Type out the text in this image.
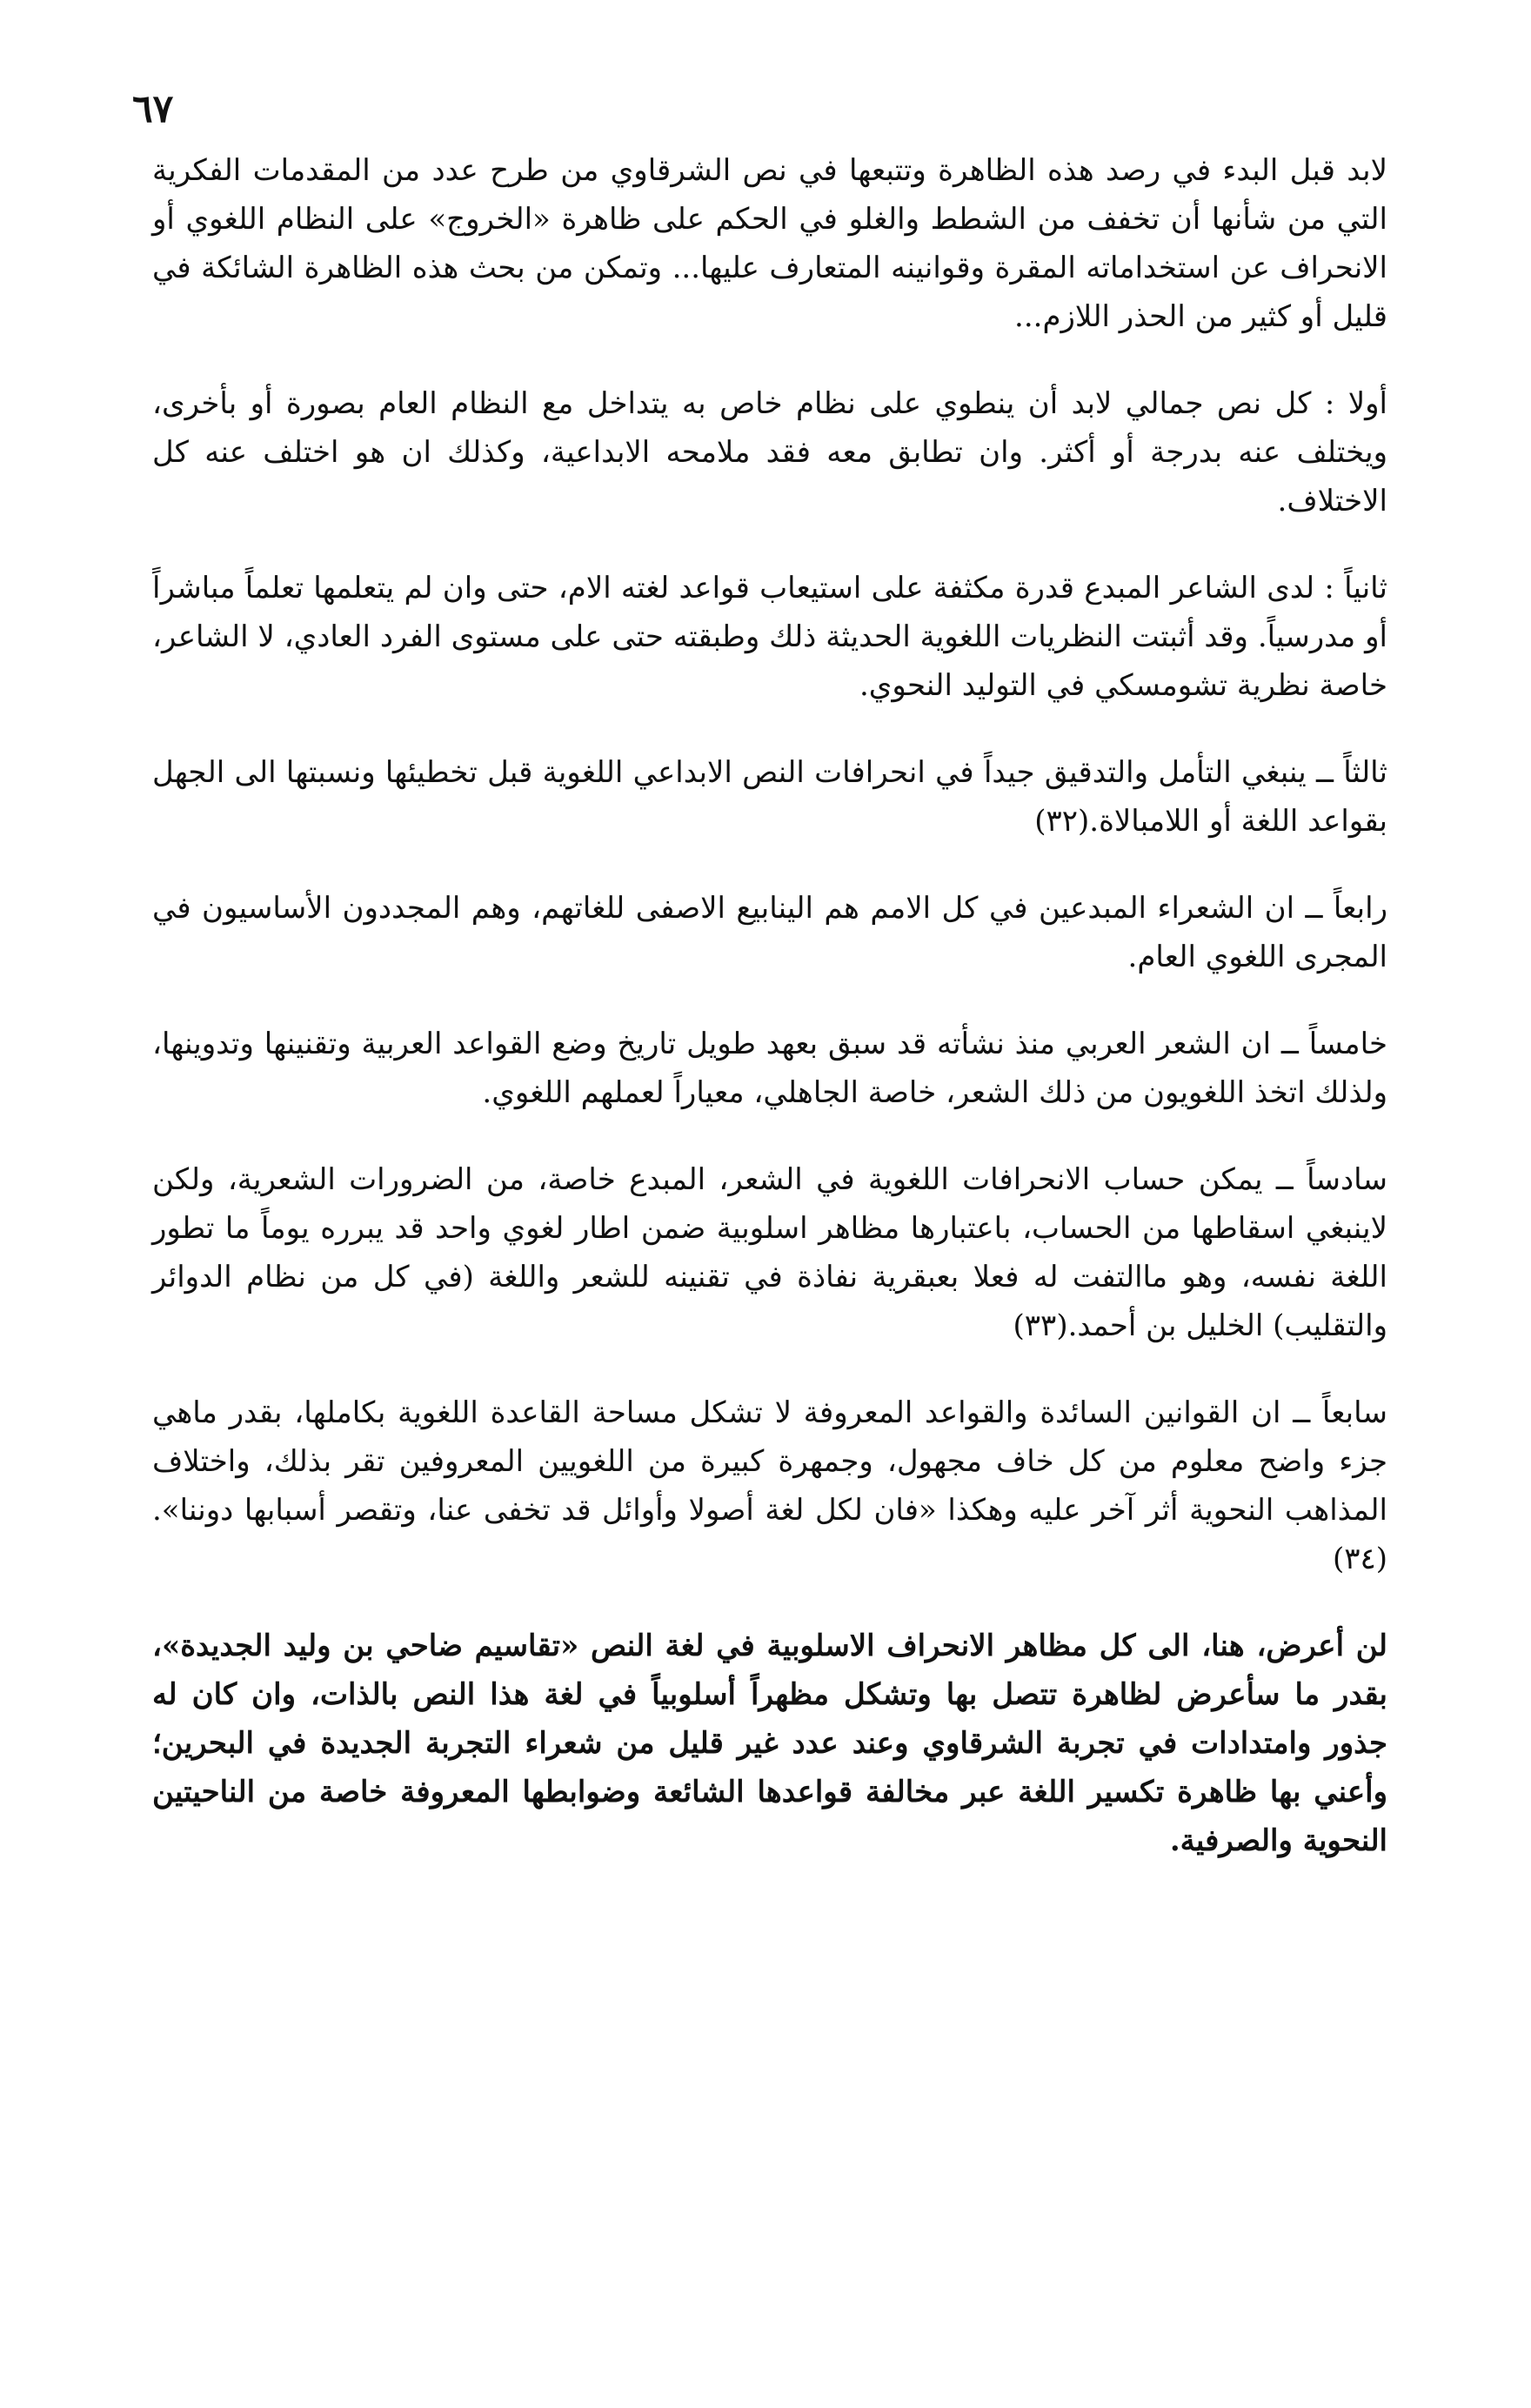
٦٧

لابد قبل البدء في رصد هذه الظاهرة وتتبعها في نص الشرقاوي من طرح عدد من المقدمات الفكرية التي من شأنها أن تخفف من الشطط والغلو في الحكم على ظاهرة «الخروج» على النظام اللغوي أو الانحراف عن استخداماته المقرة وقوانينه المتعارف عليها... وتمكن من بحث هذه الظاهرة الشائكة في قليل أو كثير من الحذر اللازم...

أولا : كل نص جمالي لابد أن ينطوي على نظام خاص به يتداخل مع النظام العام بصورة أو بأخرى، ويختلف عنه بدرجة أو أكثر. وان تطابق معه فقد ملامحه الابداعية، وكذلك ان هو اختلف عنه كل الاختلاف.

ثانياً : لدى الشاعر المبدع قدرة مكثفة على استيعاب قواعد لغته الام، حتى وان لم يتعلمها تعلماً مباشراً أو مدرسياً. وقد أثبتت النظريات اللغوية الحديثة ذلك وطبقته حتى على مستوى الفرد العادي، لا الشاعر، خاصة نظرية تشومسكي في التوليد النحوي.

ثالثاً ــ ينبغي التأمل والتدقيق جيداً في انحرافات النص الابداعي اللغوية قبل تخطيئها ونسبتها الى الجهل بقواعد اللغة أو اللامبالاة.(٣٢)

رابعاً ــ ان الشعراء المبدعين في كل الامم هم الينابيع الاصفى للغاتهم، وهم المجددون الأساسيون في المجرى اللغوي العام.

خامساً ــ ان الشعر العربي منذ نشأته قد سبق بعهد طويل تاريخ وضع القواعد العربية وتقنينها وتدوينها، ولذلك اتخذ اللغويون من ذلك الشعر، خاصة الجاهلي، معياراً لعملهم اللغوي.

سادساً ــ يمكن حساب الانحرافات اللغوية في الشعر، المبدع خاصة، من الضرورات الشعرية، ولكن لاينبغي اسقاطها من الحساب، باعتبارها مظاهر اسلوبية ضمن اطار لغوي واحد قد يبرره يوماً ما تطور اللغة نفسه، وهو ماالتفت له فعلا بعبقرية نفاذة في تقنينه للشعر واللغة (في كل من نظام الدوائر والتقليب) الخليل بن أحمد.(٣٣)

سابعاً ــ ان القوانين السائدة والقواعد المعروفة لا تشكل مساحة القاعدة اللغوية بكاملها، بقدر ماهي جزء واضح معلوم من كل خاف مجهول، وجمهرة كبيرة من اللغويين المعروفين تقر بذلك، واختلاف المذاهب النحوية أثر آخر عليه وهكذا «فان لكل لغة أصولا وأوائل قد تخفى عنا، وتقصر أسبابها دوننا».(٣٤)

لن أعرض، هنا، الى كل مظاهر الانحراف الاسلوبية في لغة النص «تقاسيم ضاحي بن وليد الجديدة»، بقدر ما سأعرض لظاهرة تتصل بها وتشكل مظهراً أسلوبياً في لغة هذا النص بالذات، وان كان له جذور وامتدادات في تجربة الشرقاوي وعند عدد غير قليل من شعراء التجربة الجديدة في البحرين؛ وأعني بها ظاهرة تكسير اللغة عبر مخالفة قواعدها الشائعة وضوابطها المعروفة خاصة من الناحيتين النحوية والصرفية.
